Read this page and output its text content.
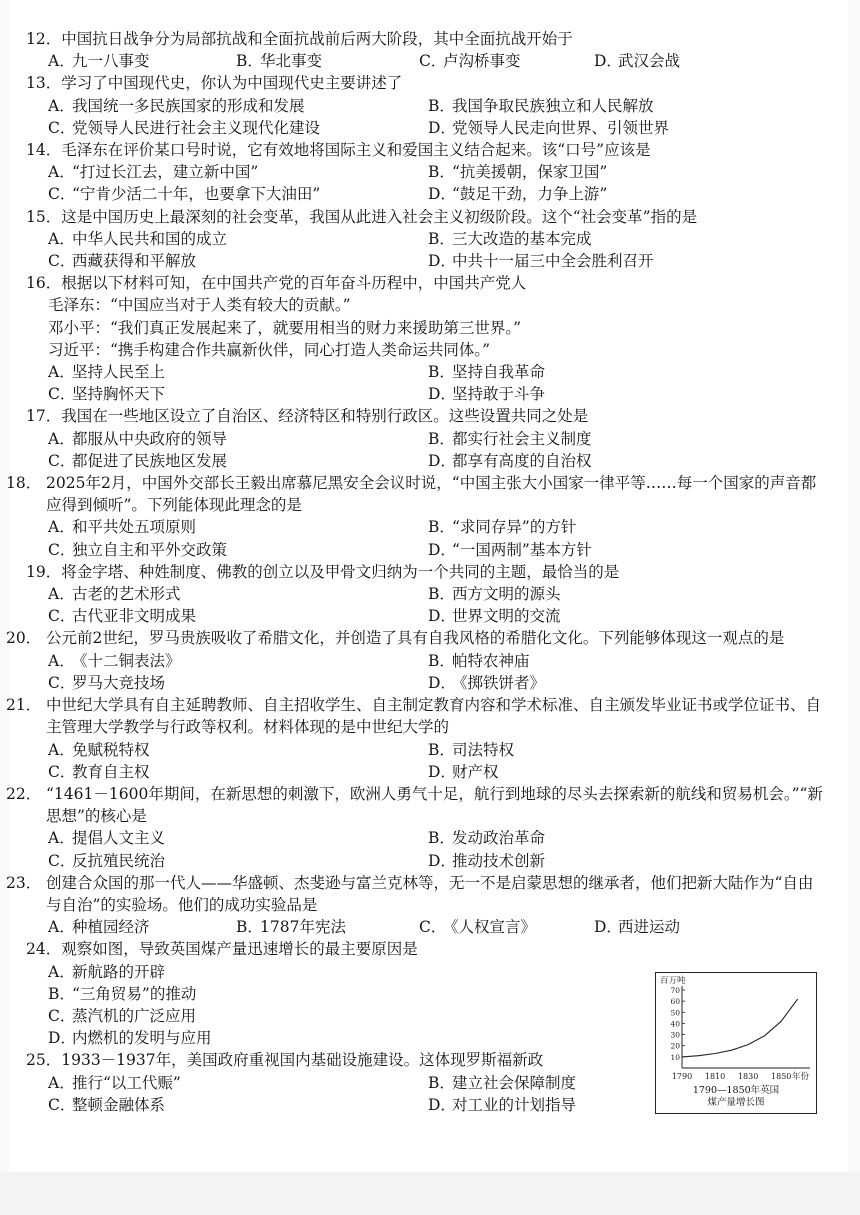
12．中国抗日战争分为局部抗战和全面抗战前后两大阶段，其中全面抗战开始于
A．九一八事变	B．华北事变	C．卢沟桥事变	D．武汉会战
13．学习了中国现代史，你认为中国现代史主要讲述了
A．我国统一多民族国家的形成和发展	B．我国争取民族独立和人民解放
C．党领导人民进行社会主义现代化建设	D．党领导人民走向世界、引领世界
14．毛泽东在评价某口号时说，它有效地将国际主义和爱国主义结合起来。该“口号”应该是
A．“打过长江去，建立新中国”	B．“抗美援朝，保家卫国”
C．“宁肯少活二十年，也要拿下大油田”	D．“鼓足干劲，力争上游”
15．这是中国历史上最深刻的社会变革，我国从此进入社会主义初级阶段。这个“社会变革”指的是
A．中华人民共和国的成立	B．三大改造的基本完成
C．西藏获得和平解放	D．中共十一届三中全会胜利召开
16．根据以下材料可知，在中国共产党的百年奋斗历程中，中国共产党人
毛泽东：“中国应当对于人类有较大的贡献。”
邓小平：“我们真正发展起来了，就要用相当的财力来援助第三世界。”
习近平：“携手构建合作共赢新伙伴，同心打造人类命运共同体。”
A．坚持人民至上	B．坚持自我革命
C．坚持胸怀天下	D．坚持敢于斗争
17．我国在一些地区设立了自治区、经济特区和特别行政区。这些设置共同之处是
A．都服从中央政府的领导	B．都实行社会主义制度
C．都促进了民族地区发展	D．都享有高度的自治权
18． 2025年2月，中国外交部长王毅出席慕尼黑安全会议时说，“中国主张大小国家一律平等……每一个国家的声音都应得到倾听”。下列能体现此理念的是
A．和平共处五项原则	B．“求同存异”的方针
C．独立自主和平外交政策	D．“一国两制”基本方针
19．将金字塔、种姓制度、佛教的创立以及甲骨文归纳为一个共同的主题，最恰当的是
A．古老的艺术形式	B．西方文明的源头
C．古代亚非文明成果	D．世界文明的交流
20． 公元前2世纪，罗马贵族吸收了希腊文化，并创造了具有自我风格的希腊化文化。下列能够体现这一观点的是
A．《十二铜表法》	B．帕特农神庙
C．罗马大竞技场	D．《掷铁饼者》
21． 中世纪大学具有自主延聘教师、自主招收学生、自主制定教育内容和学术标准、自主颁发毕业证书或学位证书、自主管理大学教学与行政等权利。材料体现的是中世纪大学的
A．免赋税特权	B．司法特权
C．教育自主权	D．财产权
22． “1461－1600年期间，在新思想的刺激下，欧洲人勇气十足，航行到地球的尽头去探索新的航线和贸易机会。”“新思想”的核心是
A．提倡人文主义	B．发动政治革命
C．反抗殖民统治	D．推动技术创新
23． 创建合众国的那一代人——华盛顿、杰斐逊与富兰克林等，无一不是启蒙思想的继承者，他们把新大陆作为“自由与自治”的实验场。他们的成功实验品是
A．种植园经济	B．1787年宪法	C．《人权宣言》	D．西进运动
24．观察如图，导致英国煤产量迅速增长的最主要原因是
A．新航路的开辟
B．“三角贸易”的推动
C．蒸汽机的广泛应用
D．内燃机的发明与应用
25．1933－1937年，美国政府重视国内基础设施建设。这体现罗斯福新政
A．推行“以工代赈”	B．建立社会保障制度
C．整顿金融体系	D．对工业的计划指导
百万吨
年份
10
20
30
40
50
60
70
1790 1810 1830 1850
1790—1850年英国
煤产量增长图
